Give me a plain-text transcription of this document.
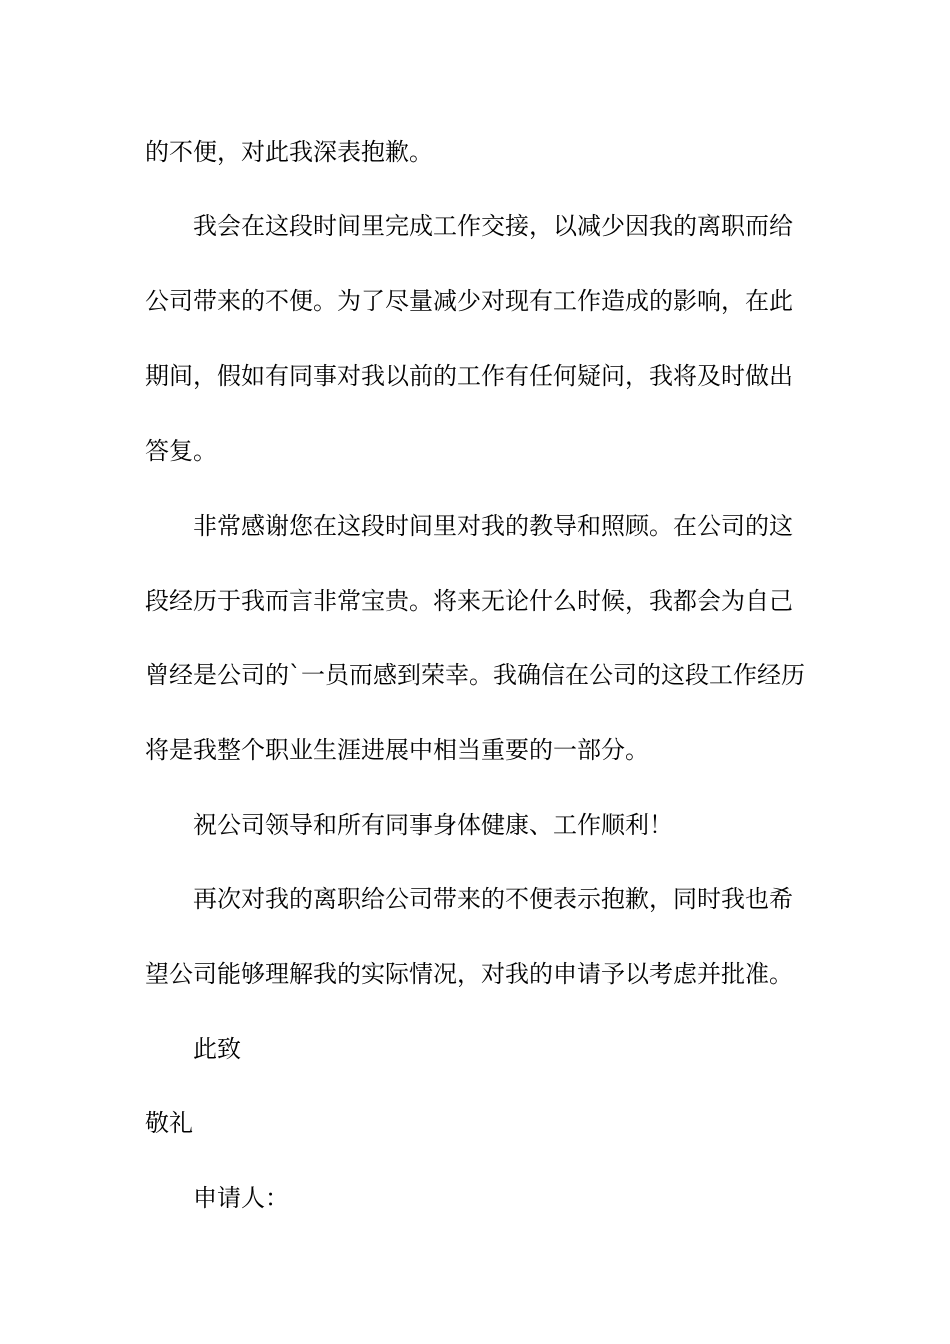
的不便，对此我深表抱歉。
我会在这段时间里完成工作交接，以减少因我的离职而给
公司带来的不便。为了尽量减少对现有工作造成的影响，在此
期间，假如有同事对我以前的工作有任何疑问，我将及时做出
答复。
非常感谢您在这段时间里对我的教导和照顾。在公司的这
段经历于我而言非常宝贵。将来无论什么时候，我都会为自己
曾经是公司的`一员而感到荣幸。我确信在公司的这段工作经历
将是我整个职业生涯进展中相当重要的一部分。
祝公司领导和所有同事身体健康、工作顺利！
再次对我的离职给公司带来的不便表示抱歉，同时我也希
望公司能够理解我的实际情况，对我的申请予以考虑并批准。
此致
敬礼
申请人：
